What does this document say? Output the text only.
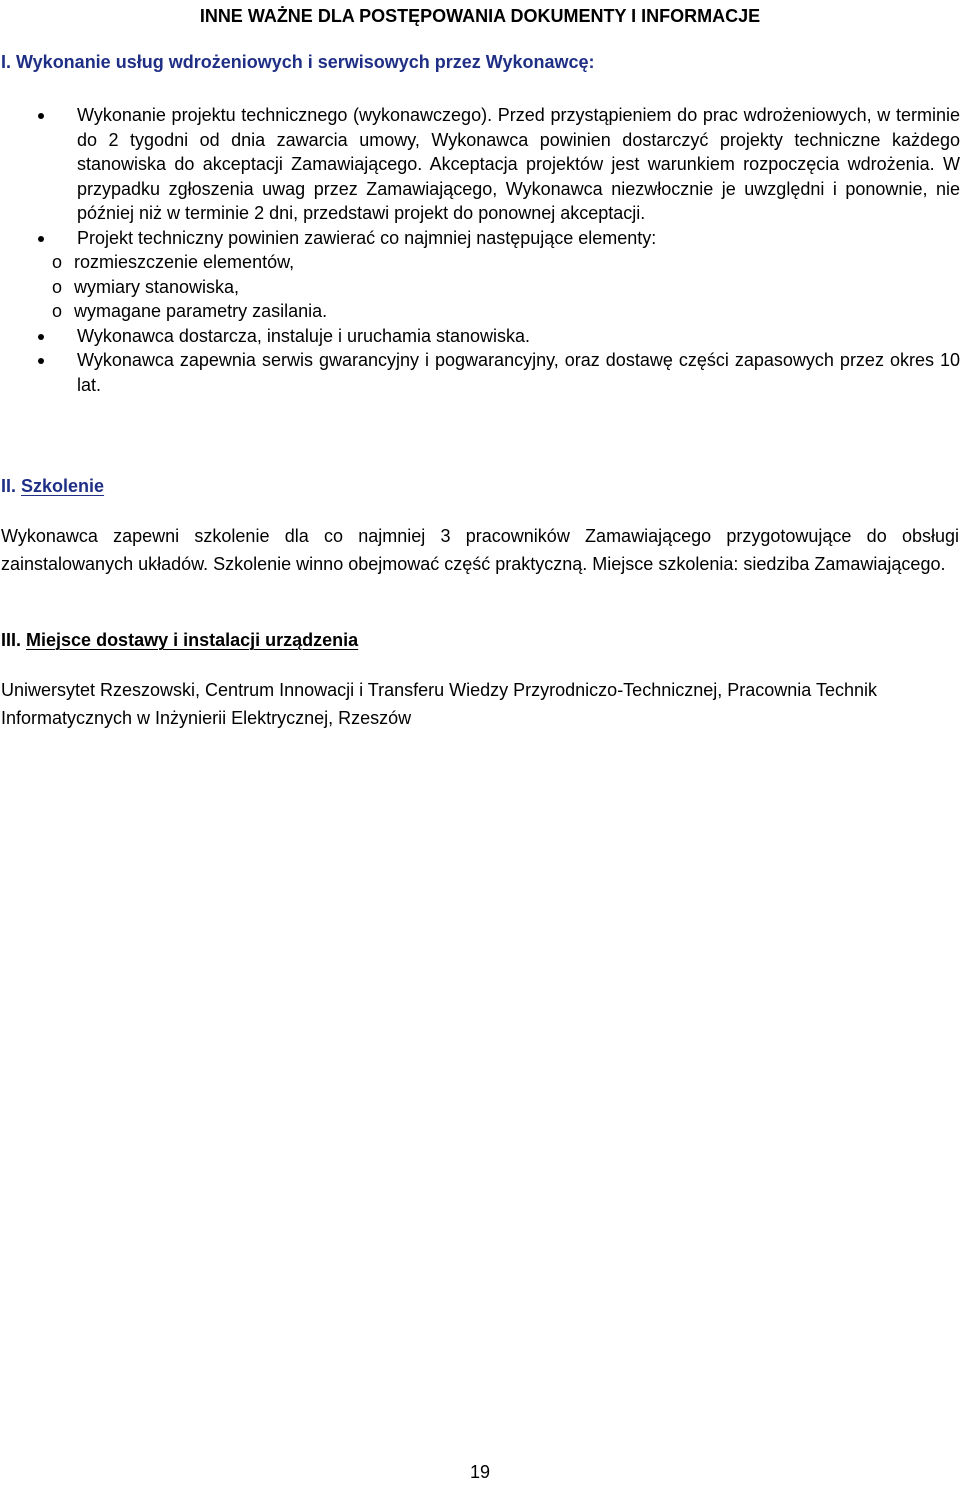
INNE WAŻNE DLA POSTĘPOWANIA DOKUMENTY I INFORMACJE
I. Wykonanie usług wdrożeniowych i serwisowych przez Wykonawcę:
Wykonanie projektu technicznego (wykonawczego). Przed przystąpieniem do prac wdrożeniowych, w terminie do 2 tygodni od dnia zawarcia umowy, Wykonawca powinien dostarczyć projekty techniczne każdego stanowiska do akceptacji Zamawiającego. Akceptacja projektów jest warunkiem rozpoczęcia wdrożenia. W przypadku zgłoszenia uwag przez Zamawiającego, Wykonawca niezwłocznie je uwzględni i ponownie, nie później niż w terminie 2 dni, przedstawi projekt do ponownej akceptacji.
Projekt techniczny powinien zawierać co najmniej następujące elementy:
o rozmieszczenie elementów,
o wymiary stanowiska,
o wymagane parametry zasilania.
Wykonawca dostarcza, instaluje i uruchamia stanowiska.
Wykonawca zapewnia serwis gwarancyjny i pogwarancyjny, oraz dostawę części zapasowych przez okres 10 lat.
II. Szkolenie

Wykonawca zapewni szkolenie dla co najmniej 3 pracowników Zamawiającego przygotowujące do obsługi zainstalowanych układów. Szkolenie winno obejmować część praktyczną. Miejsce szkolenia: siedziba Zamawiającego.

III. Miejsce dostawy i instalacji urządzenia

Uniwersytet Rzeszowski, Centrum Innowacji i Transferu Wiedzy Przyrodniczo-Technicznej, Pracownia Technik Informatycznych w Inżynierii Elektrycznej, Rzeszów

19
